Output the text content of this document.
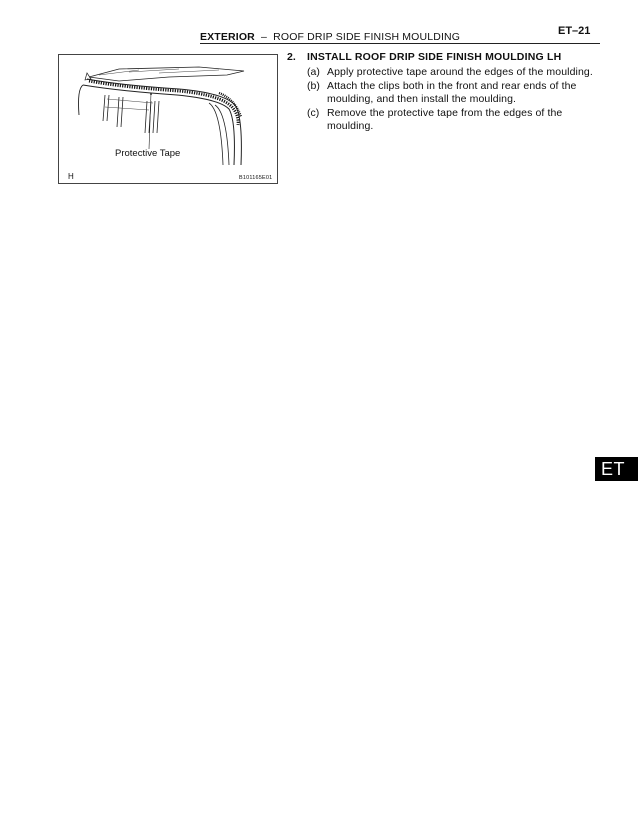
EXTERIOR – ROOF DRIP SIDE FINISH MOULDING	ET–21
Protective Tape
H	B101165E01
2. INSTALL ROOF DRIP SIDE FINISH MOULDING LH
(a) Apply protective tape around the edges of the moulding.
(b) Attach the clips both in the front and rear ends of the moulding, and then install the moulding.
(c) Remove the protective tape from the edges of the moulding.
ET
